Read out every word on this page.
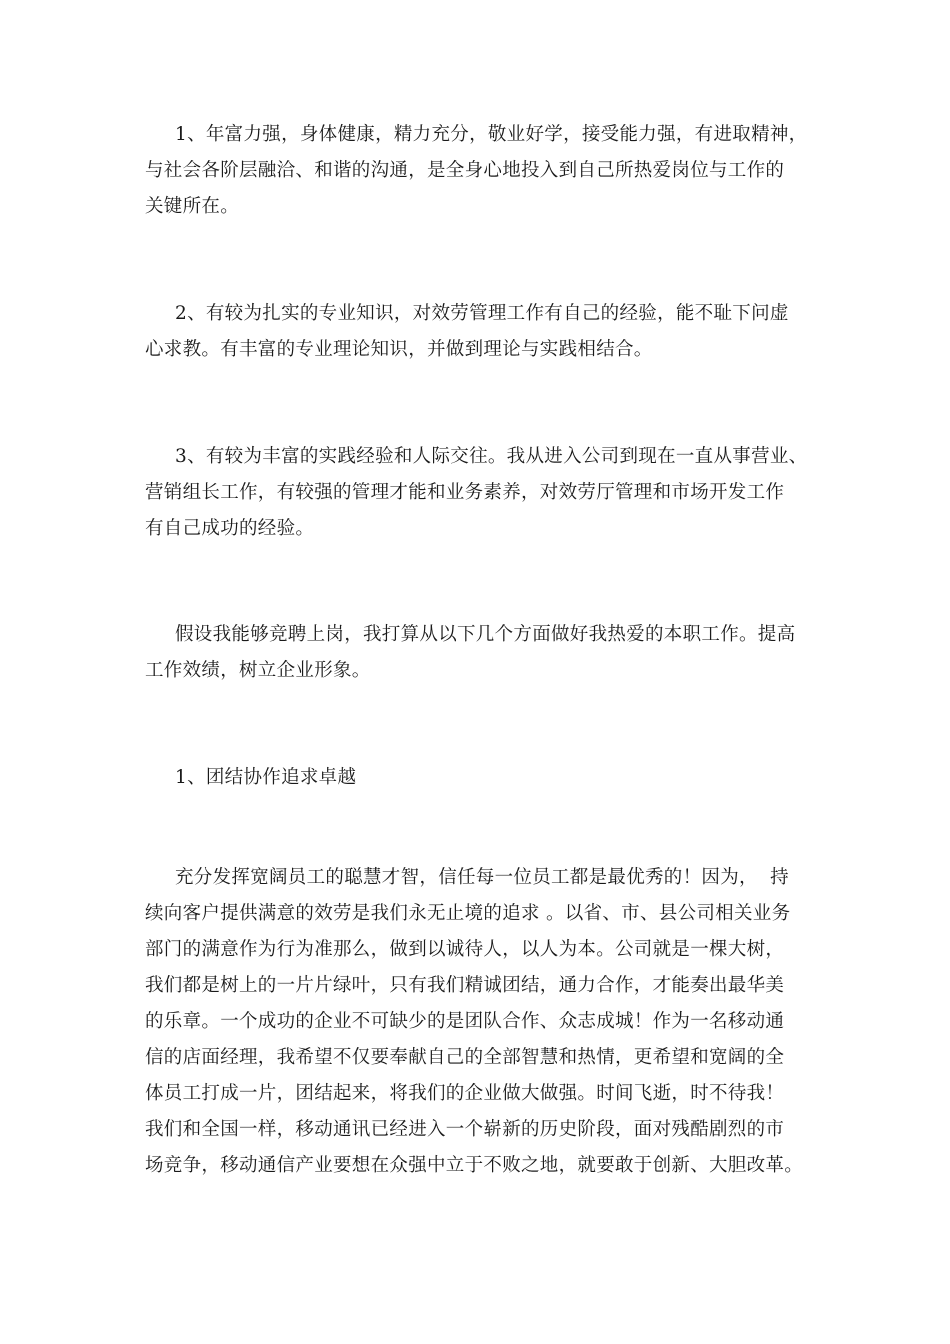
1、年富力强，身体健康，精力充分，敬业好学，接受能力强，有进取精神，
与社会各阶层融洽、和谐的沟通，是全身心地投入到自己所热爱岗位与工作的
关键所在。
2、有较为扎实的专业知识，对效劳管理工作有自己的经验，能不耻下问虚
心求教。有丰富的专业理论知识，并做到理论与实践相结合。
3、有较为丰富的实践经验和人际交往。我从进入公司到现在一直从事营业、
营销组长工作，有较强的管理才能和业务素养，对效劳厅管理和市场开发工作
有自己成功的经验。
假设我能够竞聘上岗，我打算从以下几个方面做好我热爱的本职工作。提高
工作效绩，树立企业形象。
1、团结协作追求卓越
充分发挥宽阔员工的聪慧才智，信任每一位员工都是最优秀的！因为，  持
续向客户提供满意的效劳是我们永无止境的追求 。以省、市、县公司相关业务
部门的满意作为行为准那么，做到以诚待人，以人为本。公司就是一棵大树，
我们都是树上的一片片绿叶，只有我们精诚团结，通力合作，才能奏出最华美
的乐章。一个成功的企业不可缺少的是团队合作、众志成城！作为一名移动通
信的店面经理，我希望不仅要奉献自己的全部智慧和热情，更希望和宽阔的全
体员工打成一片，团结起来，将我们的企业做大做强。时间飞逝，时不待我！
我们和全国一样，移动通讯已经进入一个崭新的历史阶段，面对残酷剧烈的市
场竞争，移动通信产业要想在众强中立于不败之地，就要敢于创新、大胆改革。
